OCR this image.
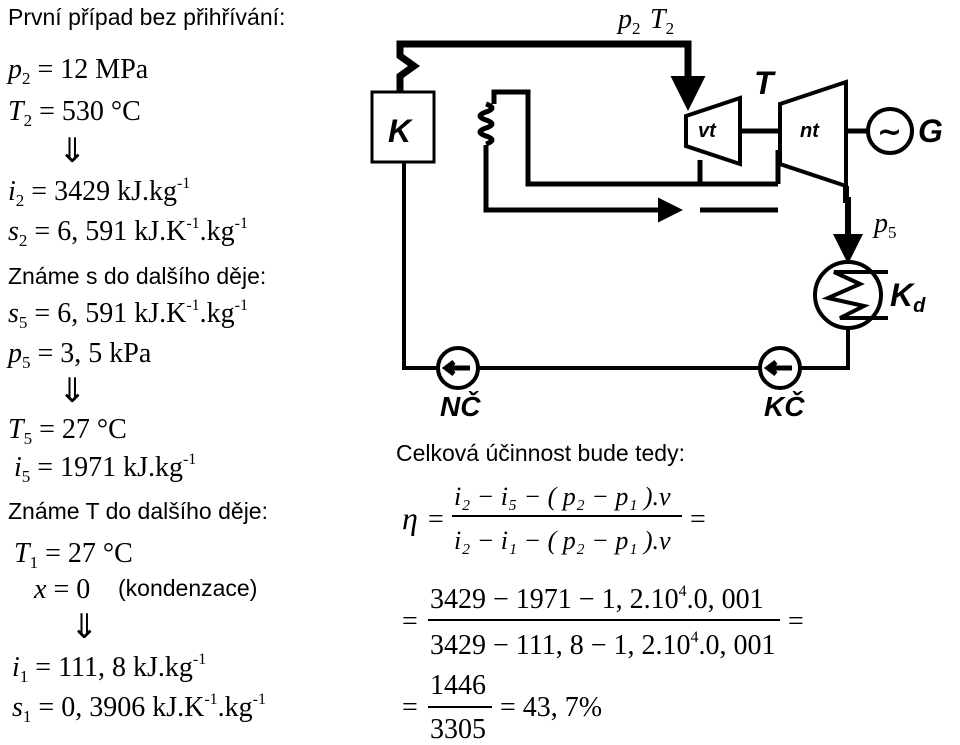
První případ bez přihřívání:
$p_2 = 12$ MPa
$T_2 = 530$ °C
⇓
$i_2 = 3429$ $kJ.kg^{-1}$
$s_2 = 6$, 591 $kJ.K^{-1}.kg^{-1}$
Známe s do dalšího děje:
$s_5 = 6$, 591 $kJ.K^{-1}.kg^{-1}$
$p_5 = 3$, 5 kPa
⇓
$T_5 = 27$ °C
$i_5 = 1971$ $kJ.kg^{-1}$
Známe T do dalšího děje:
$T_1 = 27$ °C
x = 0 (kondenzace)
⇓
$i_1 = 111$, 8 $kJ.kg^{-1}$
$s_1 = 0$, 3906 $kJ.K^{-1}.kg^{-1}$
$p_2$ $T_2$
K
T
vt	nt ~ G
$p_5$
Kd
KČ
NČ
Celková účinnost bude tedy:
η =
i₂ − i₅ − ( p₂ − p₁ ).v
i₂ − i₁ − ( p₂ − p₁ ).v
=
=
3429 − 1971 − 1, 2.10$^4$.0, 001
3429 − 111, 8 − 1, 2.10$^4$.0, 001
=
=
1446
3305
= 43, 7%
